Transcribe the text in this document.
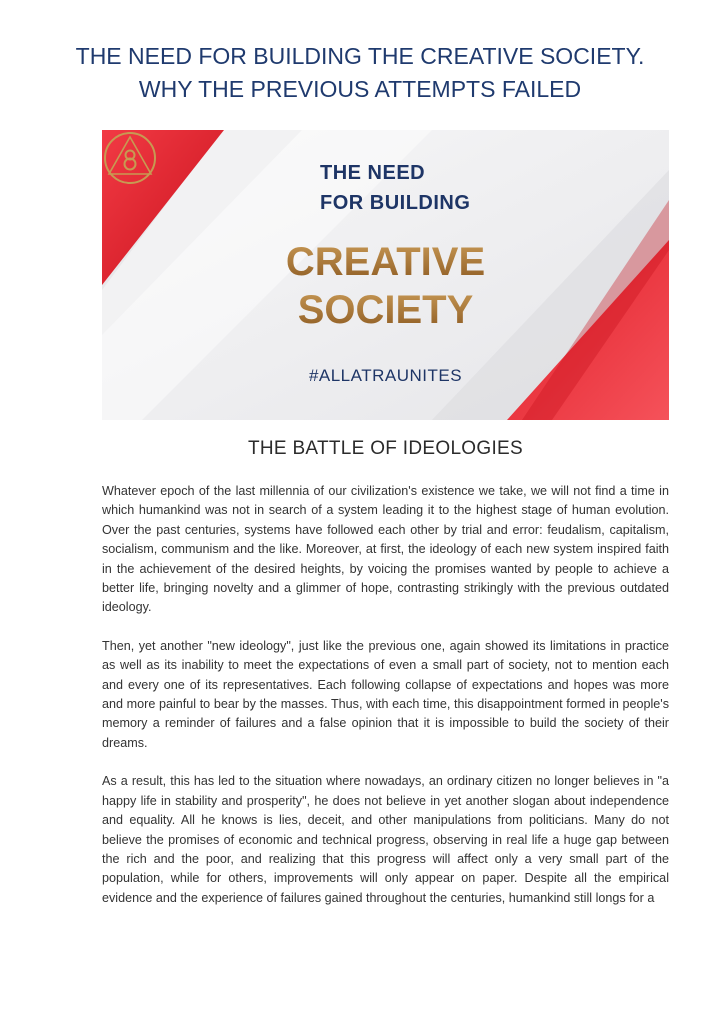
THE NEED FOR BUILDING THE CREATIVE SOCIETY.
WHY THE PREVIOUS ATTEMPTS FAILED
THE NEED
FOR BUILDING
CREATIVE
SOCIETY
#ALLATRAUNITES
THE BATTLE OF IDEOLOGIES

Whatever epoch of the last millennia of our civilization's existence we take, we will not find a time in which humankind was not in search of a system leading it to the highest stage of human evolution. Over the past centuries, systems have followed each other by trial and error: feudalism, capitalism, socialism, communism and the like. Moreover, at first, the ideology of each new system inspired faith in the achievement of the desired heights, by voicing the promises wanted by people to achieve a better life, bringing novelty and a glimmer of hope, contrasting strikingly with the previous outdated ideology.

Then, yet another "new ideology", just like the previous one, again showed its limitations in practice as well as its inability to meet the expectations of even a small part of society, not to mention each and every one of its representatives. Each following collapse of expectations and hopes was more and more painful to bear by the masses. Thus, with each time, this disappointment formed in people's memory a reminder of failures and a false opinion that it is impossible to build the society of their dreams.

As a result, this has led to the situation where nowadays, an ordinary citizen no longer believes in "a happy life in stability and prosperity", he does not believe in yet another slogan about independence and equality. All he knows is lies, deceit, and other manipulations from politicians. Many do not believe the promises of economic and technical progress, observing in real life a huge gap between the rich and the poor, and realizing that this progress will affect only a very small part of the population, while for others, improvements will only appear on paper. Despite all the empirical evidence and the experience of failures gained throughout the centuries, humankind still longs for a
